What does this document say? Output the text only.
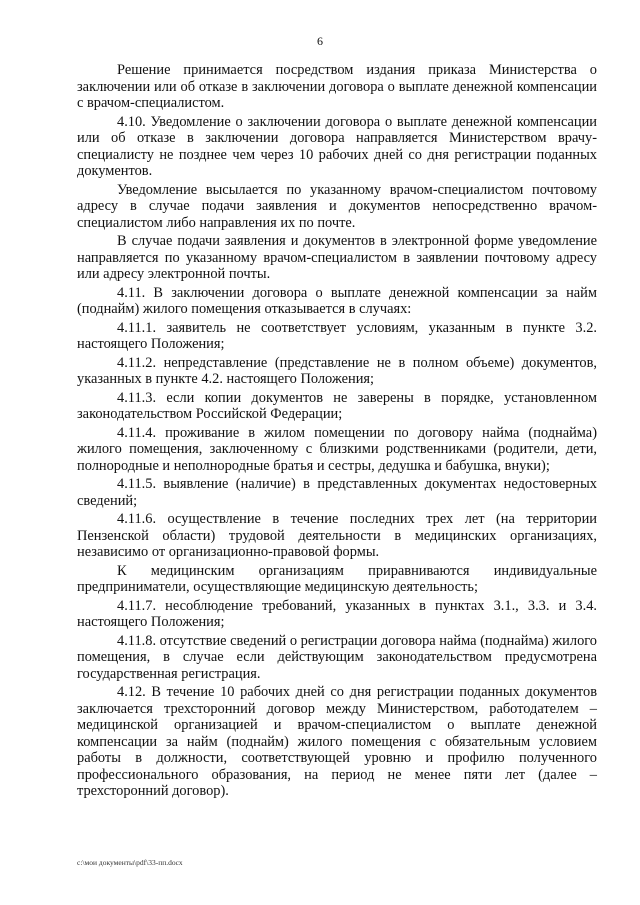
6

Решение принимается посредством издания приказа Министерства о заключении или об отказе в заключении договора о выплате денежной компенсации с врачом-специалистом.

4.10. Уведомление о заключении договора о выплате денежной компенсации или об отказе в заключении договора направляется Министерством врачу-специалисту не позднее чем через 10 рабочих дней со дня регистрации поданных документов.

Уведомление высылается по указанному врачом-специалистом почтовому адресу в случае подачи заявления и документов непосредственно врачом-специалистом либо направления их по почте.

В случае подачи заявления и документов в электронной форме уведомление направляется по указанному врачом-специалистом в заявлении почтовому адресу или адресу электронной почты.

4.11. В заключении договора о выплате денежной компенсации за найм (поднайм) жилого помещения отказывается в случаях:

4.11.1. заявитель не соответствует условиям, указанным в пункте 3.2. настоящего Положения;

4.11.2. непредставление (представление не в полном объеме) документов, указанных в пункте 4.2. настоящего Положения;

4.11.3. если копии документов не заверены в порядке, установленном законодательством Российской Федерации;

4.11.4. проживание в жилом помещении по договору найма (поднайма) жилого помещения, заключенному с близкими родственниками (родители, дети, полнородные и неполнородные братья и сестры, дедушка и бабушка, внуки);

4.11.5. выявление (наличие) в представленных документах недостоверных сведений;

4.11.6. осуществление в течение последних трех лет (на территории Пензенской области) трудовой деятельности в медицинских организациях, независимо от организационно-правовой формы.

К медицинским организациям приравниваются индивидуальные предприниматели, осуществляющие медицинскую деятельность;

4.11.7. несоблюдение требований, указанных в пунктах 3.1., 3.3. и 3.4. настоящего Положения;

4.11.8. отсутствие сведений о регистрации договора найма (поднайма) жилого помещения, в случае если действующим законодательством предусмотрена государственная регистрация.

4.12. В течение 10 рабочих дней со дня регистрации поданных документов заключается трехсторонний договор между Министерством, работодателем – медицинской организацией и врачом-специалистом о выплате денежной компенсации за найм (поднайм) жилого помещения с обязательным условием работы в должности, соответствующей уровню и профилю полученного профессионального образования, на период не менее пяти лет (далее – трехсторонний договор).

c:\мои документы\pdf\33-пп.docx
